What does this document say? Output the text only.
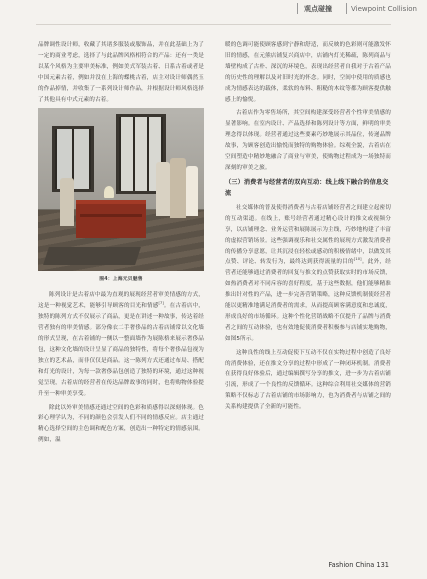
观点碰撞	Viewpoint Collision

品牌调性设计师，收藏了其诸多服装或服饰品，并在此基础上为了一定的商业考虑，选择了与此品牌风格相符合的产品：还有一类是以某个风格为主要审美标准，例如美式军装古着、日系古着或者是中国元素古着，例如并没在上海的蝶桃古着，店主对设计师偶然玉的作品掉情，并收集了一系列设计师作品，并根据设计师风格选择了其他具有中式元素的古着。

图4：上海元贝魅售

陈列设计是古着店中最为直观的展现经营者审美情感的方式，这是一种视觉艺术，能够引导顾客的目光和情感[7]。在古着店中，独特的陈列方式不仅展示了商品，更是在讲述一种故事，传达着经营者独有的审美情感。部分像衣二手奢侈品的古着店铺常以文化墙的形式呈现，在古着铺的一侧以一整面墙作为展陈格来展示奢侈品包，这种文化墙的设计呈显了商品的独特性，将每个奢侈品包视为独立的艺术品，而非仅仅是商品。这一陈列方式还通过布局、搭配和灯光的设计，为每一款奢侈品包创造了独特的环境，通过这种视觉呈现，古着店的经营者在传达品牌故事的同时，也将购物体验提升至一种审美享受。

除此以外审美情感还通过空间的色彩和质感得以深刻体现。色彩心理学认为，不同的颜色会引发人们不同的情感反应。店主通过精心选择空间的主色调和配色方案，创造出一种特定的情感氛围。例如，温

暖的色调可能使顾客感到宁静和舒适，而反映的色彩则可能激发怀旧的情感，在元熊店铺复兴商店中，店铺内灯光稀疏，陈列商品与墙壁构成了古朴、深沉的环境色，表现出经营者自我对于古着产品的历史性的理解以及对旧时光的怀念。同时，空间中使用的质感也成为情感表达的载体，柔软的布料、粗糙的木纹等都为顾客提供触感上的愉悦。

古着店作为零售场所，其空间构建深受经营者个性审美情感的显著影响。在室内设计、产品选择和陈列设计等方面，鲜明的审美理念得以体现。经营者通过这些要素巧妙地展示其品位，传递品牌故事，为顾客创造出愉悦而独特的购物体验。综观全貌，古着店在空间塑造中精妙地融合了商业与审美，使购物过程成为一场独特而深刻的审美之旅。

（三）消费者与经营者的双向互动：线上线下融合的信息交流

社交媒体的普及使得消费者与古着店铺经营者之间建立起密切的互动渠道。在线上，账号经营者通过精心设计的推文或视频分享，以店铺理念、业务运营和展陈展示为主线，巧妙地构建了丰富的虚拟营销场景。这些强调视乐和社交属性的展现方式激发消费者的传播分享意愿，让其沉浸在轻松或感动的积极情绪中，以做发其点赞、评论、转发行为，最终达到获得流量的目的[10]。此外，经营者还能够通过消费者的回复与推文的点赞获取实时的市场反馈，如热消费者对不同斥容的喜好程度，基于这些数据，他们能够精准推出针对性的产品，进一步完善营销策略，这种反馈机制使经营者能以更精准地满足消费者的需求，从而提高顾客满意度和忠诚度，形成良好的市场循环。这种个性化营销战略不仅提升了品牌与消费者之间的互动体验，也有效地促使消费者积极参与店铺实地购物，如图5所示。

这种良性的线上互动促使下互动不仅在实物过程中创造了良好的消费体验，还在推文分享的过程中形成了一种闭环机制。消费者在获得良好体验后，通过编辑撰写分享的推文，进一步为古着店铺引流，形成了一个良性的反馈循环。这种综合利用社交媒体的营销策略不仅标志了古着店铺的市场影响力，也为消费者与店铺之间的关系构建提供了全新的可能性。

Fashion China 131
